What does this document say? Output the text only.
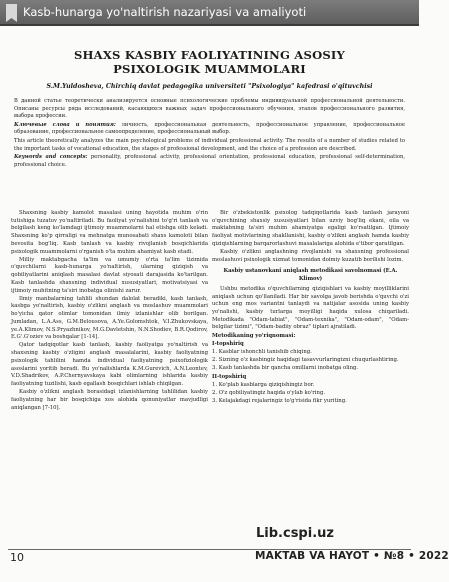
Kasb-hunarga yo'naltirish nazariyasi va amaliyoti
SHAXS KASBIY FAOLIYATINING ASOSIY
PSIXOLOGIK MUAMMOLARI
S.M.Yuldosheva, Chirchiq davlat pedagogika universiteti "Psixologiya" kafedrasi o'qituvchisi

В данной статье теоретически анализируется основные психологические проблемы индивидуальной профессиональной деятельности. Описаны ресурсы ряда исследований, касающихся важных задач профессионального обучения, этапов профессионального развития, выбора профессии.

Ключевые слова и понятия: личность, профессиональная деятельность, профессиональное управление, профессиональное образование, профессиональное самоопределение, профессиональный выбор.

This article theoretically analyzes the main psychological problems of individual professional activity. The results of a number of studies related to the important tasks of vocational education, the stages of professional development, and the choice of a profession are described.

Keywords and concepts: personality, professional activity, professional orientation, professional education, professional self-determination, professional choice.

Shaxsning kasbiy kamolot masalasi uning hayotida muhim o'rin tutishiga tuzatuv yo'naltiriladi. Bu faoliyat yo'nalishini to'g'ri tanlash va belgilash keng ko'lamdagi ijtimoiy muammolarni hal etishga olib keladi. Shaxsning ko'p qirraligi va mehnatga munosabati shaxs kamoloti bilan bevosita bog'liq. Kasb tanlash va kasbiy rivojlanish bosqichlarida psixologik muammolarni o'rganish o'ta muhim ahamiyat kasb etadi.

Milliy maktabgacha ta'lim va umumiy o'rta ta'lim tizimida o'quvchilarni kasb-hunarga yo'naltirish, ularning qiziqish va qobiliyatlarini aniqlash masalasi davlat siyosati darajasida ko'tarilgan. Kasb tanlashda shaxsning individual xususiyatlari, motivatsiyasi va ijtimoiy muhitning ta'siri inobatga olinishi zarur.

Ilmiy manbalarning tahlili shundan dalolat beradiki, kasb tanlash, kasbga yo'naltirish, kasbiy o'zlikni anglash va moslashuv muammolari bo'yicha qator olimlar tomonidan ilmiy izlanishlar olib borilgan. Jumladan, L.A.Ass, G.M.Belousova, A.Ye.Golomshtok, V.I.Zhukovskaya, ye.A.Klimov, N.S.Pryazhnikov, M.G.Davletshin, N.N.Shodiev, B.R.Qodirov, E.G'.G'oziev va boshqalar [1-14].

Qator tadqiqotlar kasb tanlash, kasbiy faoliyatga yo'naltirish va shaxsning kasbiy o'zligini anglash masalalarini, kasbiy faoliyatning psixologik tahlilini hamda individual faoliyatning psixofiziologik asoslarini yoritib beradi. Bu yo'nalishlarda K.M.Gurevich, A.N.Leontev, V.D.Shadrikov, A.P.Chernyavskaya kabi olimlarning ishlarida kasbiy faoliyatning tuzilishi, kasb egallash bosqichlari ishlab chiqilgan.

Kasbiy o'zlikni anglash borasidagi izlanishlarning tahlilidan kasbiy faoliyatning har bir bosqichiga xos alohida qonuniyatlar mavjudligi aniqlangan [7-10].

Bir o'zbekistonlik psixolog tadqiqotlarida kasb tanlash jarayoni o'quvchining shaxsiy xususiyatlari bilan uzviy bog'liq ekani, oila va maktabning ta'siri muhim ahamiyatga egaligi ko'rsatilgan. Ijtimoiy faoliyat motivlarining shakllanishi, kasbiy o'zlikni anglash hamda kasbiy qiziqishlarning barqarorlashuvi masalalariga alohida e'tibor qaratilgan.

Kasbiy o'zlikni anglashning rivojlanishi va shaxsning professional moslashuvi psixologik xizmat tomonidan doimiy kuzatib borilishi lozim.

Kasbiy ustanovkani aniqlash metodikasi savolnomasi (E.A. Klimov)

Ushbu metodika o'quvchilarning qiziqishlari va kasbiy moyilliklarini aniqlash uchun qo'llaniladi. Har bir savolga javob berishda o'quvchi o'zi uchun eng mos variantni tanlaydi va natijalar asosida uning kasbiy yo'nalishi, kasbiy turlarga moyilligi haqida xulosa chiqariladi. Metodikada "Odam-tabiat", "Odam-texnika", "Odam-odam", "Odam-belgilar tizimi", "Odam-badiiy obraz" tiplari ajratiladi.

Metodikaning yo'riqnomasi:

I-topshiriq

1. Kasblar ishonchli tanishib chiqing.

2. Sizning o'z kasbingiz haqidagi tasavvurlaringizni chuqurlashtiring.

3. Kasb tanlashda bir qancha omillarni inobatga oling.

II-topshiriq

1. Ko'plab kasblarga qiziqishingiz bor.

2. O'z qobiliyatingiz haqida o'ylab ko'ring.

3. Kelajakdagi rejalaringiz to'g'risida fikr yuriting.

Lib.cspi.uz
10	MAKTAB VA HAYOT • №8 • 2022
